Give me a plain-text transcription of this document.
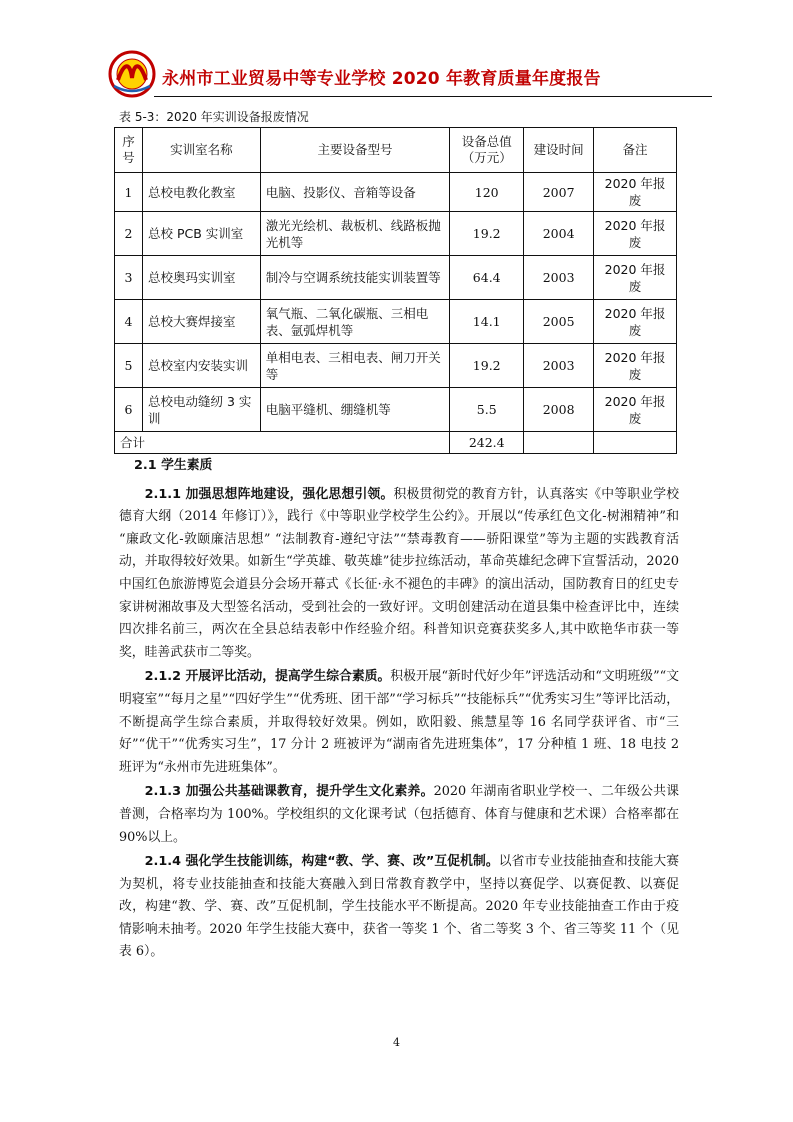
永州市工业贸易中等专业学校 2020 年教育质量年度报告
表 5-3：2020 年实训设备报废情况
序号	实训室名称	主要设备型号	设备总值（万元）	建设时间	备注
1	总校电教化教室	电脑、投影仪、音箱等设备	120	2007	2020 年报废
2	总校 PCB 实训室	激光光绘机、裁板机、线路板抛光机等	19.2	2004	2020 年报废
3	总校奥玛实训室	制冷与空调系统技能实训装置等	64.4	2003	2020 年报废
4	总校大赛焊接室	氧气瓶、二氧化碳瓶、三相电表、氩弧焊机等	14.1	2005	2020 年报废
5	总校室内安装实训	单相电表、三相电表、闸刀开关等	19.2	2003	2020 年报废
6	总校电动缝纫 3 实训	电脑平缝机、绷缝机等	5.5	2008	2020 年报废
合计			242.4		
2.1 学生素质

2.1.1 加强思想阵地建设，强化思想引领。积极贯彻党的教育方针，认真落实《中等职业学校德育大纲（2014 年修订）》，践行《中等职业学校学生公约》。开展以“传承红色文化-树湘精神”和 “廉政文化-敦颐廉洁思想” “法制教育-遵纪守法”“禁毒教育——骄阳课堂”等为主题的实践教育活动，并取得较好效果。如新生“学英雄、敬英雄”徒步拉练活动，革命英雄纪念碑下宣誓活动，2020 中国红色旅游博览会道县分会场开幕式《长征·永不褪色的丰碑》的演出活动，国防教育日的红史专家讲树湘故事及大型签名活动，受到社会的一致好评。文明创建活动在道县集中检查评比中，连续四次排名前三，两次在全县总结表彰中作经验介绍。科普知识竞赛获奖多人,其中欧艳华市获一等奖，眭善武获市二等奖。

2.1.2 开展评比活动，提高学生综合素质。积极开展“新时代好少年”评选活动和“文明班级”“文明寝室”“每月之星”“四好学生”“优秀班、团干部”“学习标兵”“技能标兵”“优秀实习生”等评比活动，不断提高学生综合素质，并取得较好效果。例如，欧阳毅、熊慧星等 16 名同学获评省、市“三好”“优干”“优秀实习生”，17 分计 2 班被评为“湖南省先进班集体”，17 分种植 1 班、18 电技 2 班评为“永州市先进班集体”。

2.1.3 加强公共基础课教育，提升学生文化素养。2020 年湖南省职业学校一、二年级公共课普测，合格率均为 100%。学校组织的文化课考试（包括德育、体育与健康和艺术课）合格率都在 90%以上。

2.1.4 强化学生技能训练，构建“教、学、赛、改”互促机制。以省市专业技能抽查和技能大赛为契机，将专业技能抽查和技能大赛融入到日常教育教学中，坚持以赛促学、以赛促教、以赛促改，构建“教、学、赛、改”互促机制，学生技能水平不断提高。2020 年专业技能抽查工作由于疫情影响未抽考。2020 年学生技能大赛中，获省一等奖 1 个、省二等奖 3 个、省三等奖 11 个（见表 6）。

4
